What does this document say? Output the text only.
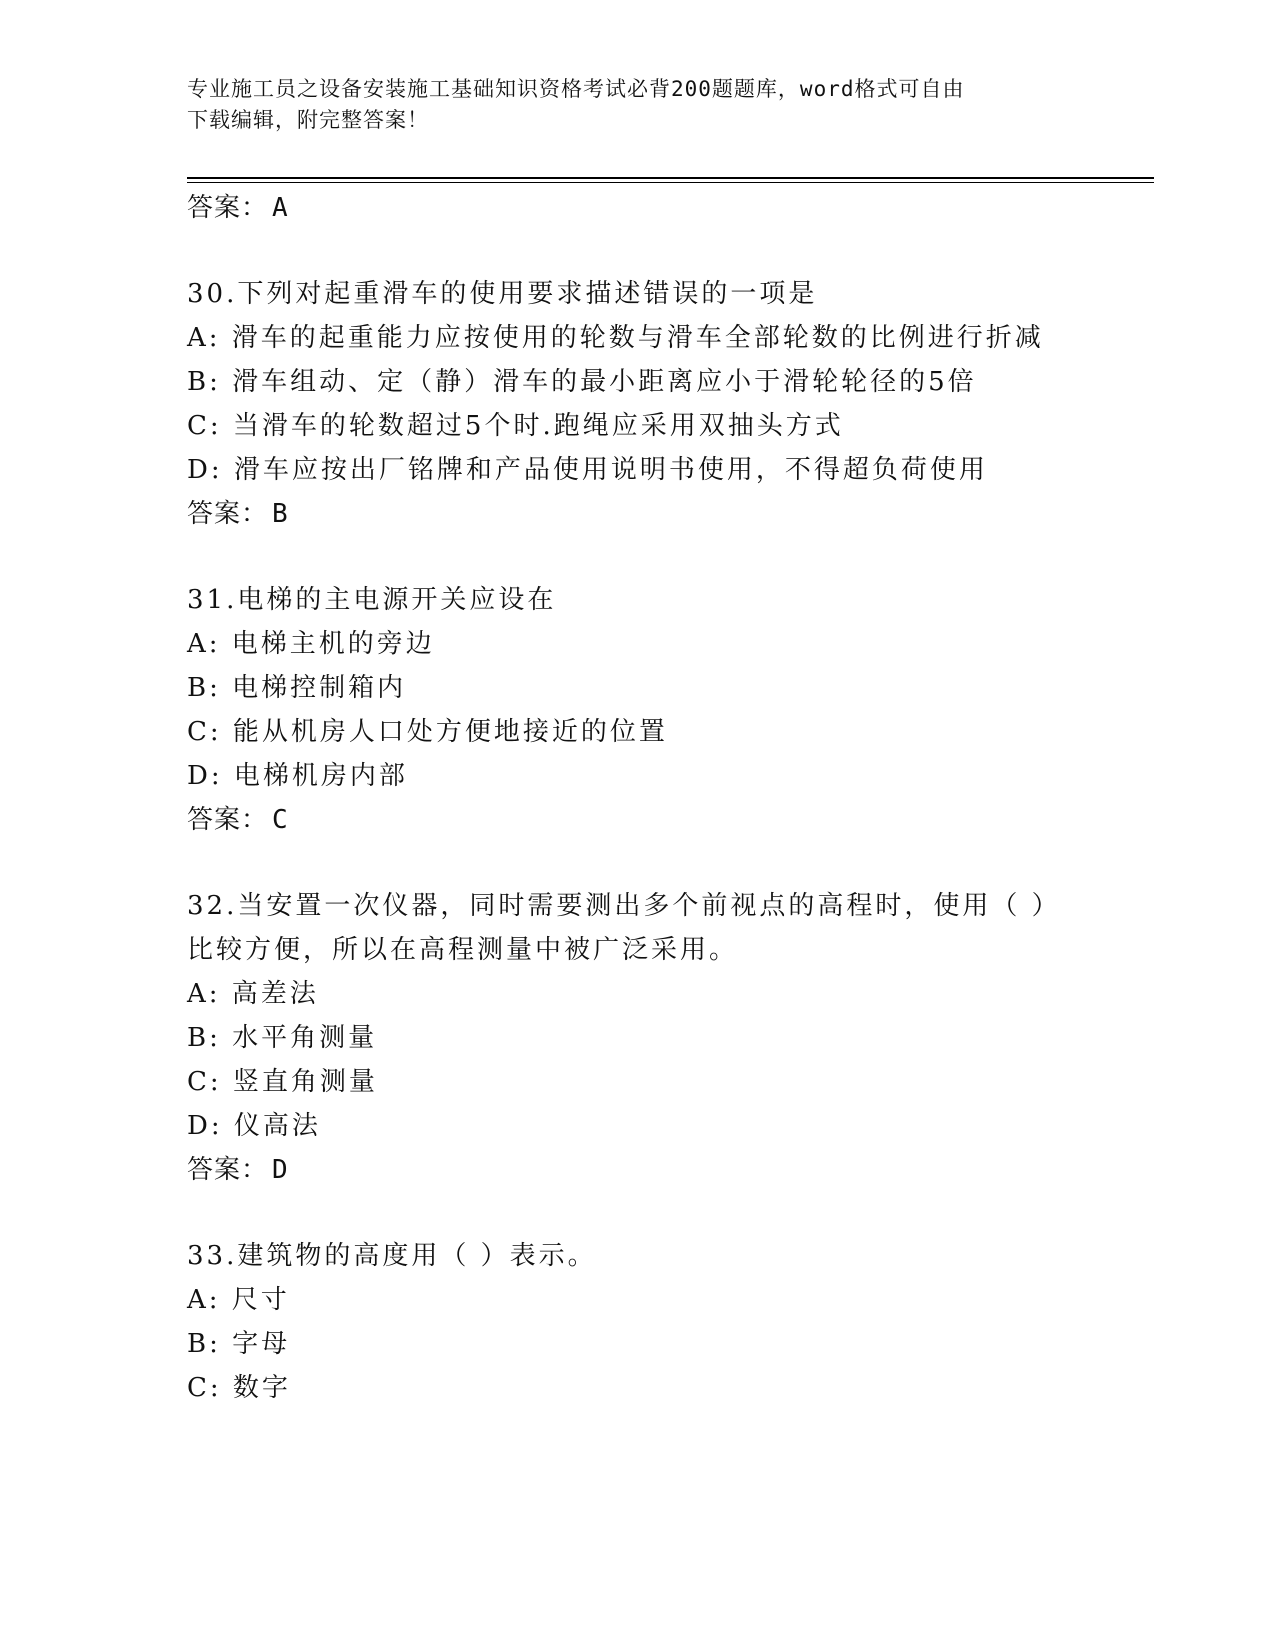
专业施工员之设备安装施工基础知识资格考试必背200题题库，word格式可自由
下载编辑，附完整答案！
答案： A
30.下列对起重滑车的使用要求描述错误的一项是
A: 滑车的起重能力应按使用的轮数与滑车全部轮数的比例进行折减
B: 滑车组动、定（静）滑车的最小距离应小于滑轮轮径的5倍
C: 当滑车的轮数超过5个时.跑绳应采用双抽头方式
D: 滑车应按出厂铭牌和产品使用说明书使用，不得超负荷使用
答案： B
31.电梯的主电源开关应设在
A: 电梯主机的旁边
B: 电梯控制箱内
C: 能从机房人口处方便地接近的位置
D: 电梯机房内部
答案： C
32.当安置一次仪器，同时需要测出多个前视点的高程时，使用（ ）
比较方便，所以在高程测量中被广泛采用。
A: 高差法
B: 水平角测量
C: 竖直角测量
D: 仪高法
答案： D
33.建筑物的高度用（ ）表示。
A: 尺寸
B: 字母
C: 数字
